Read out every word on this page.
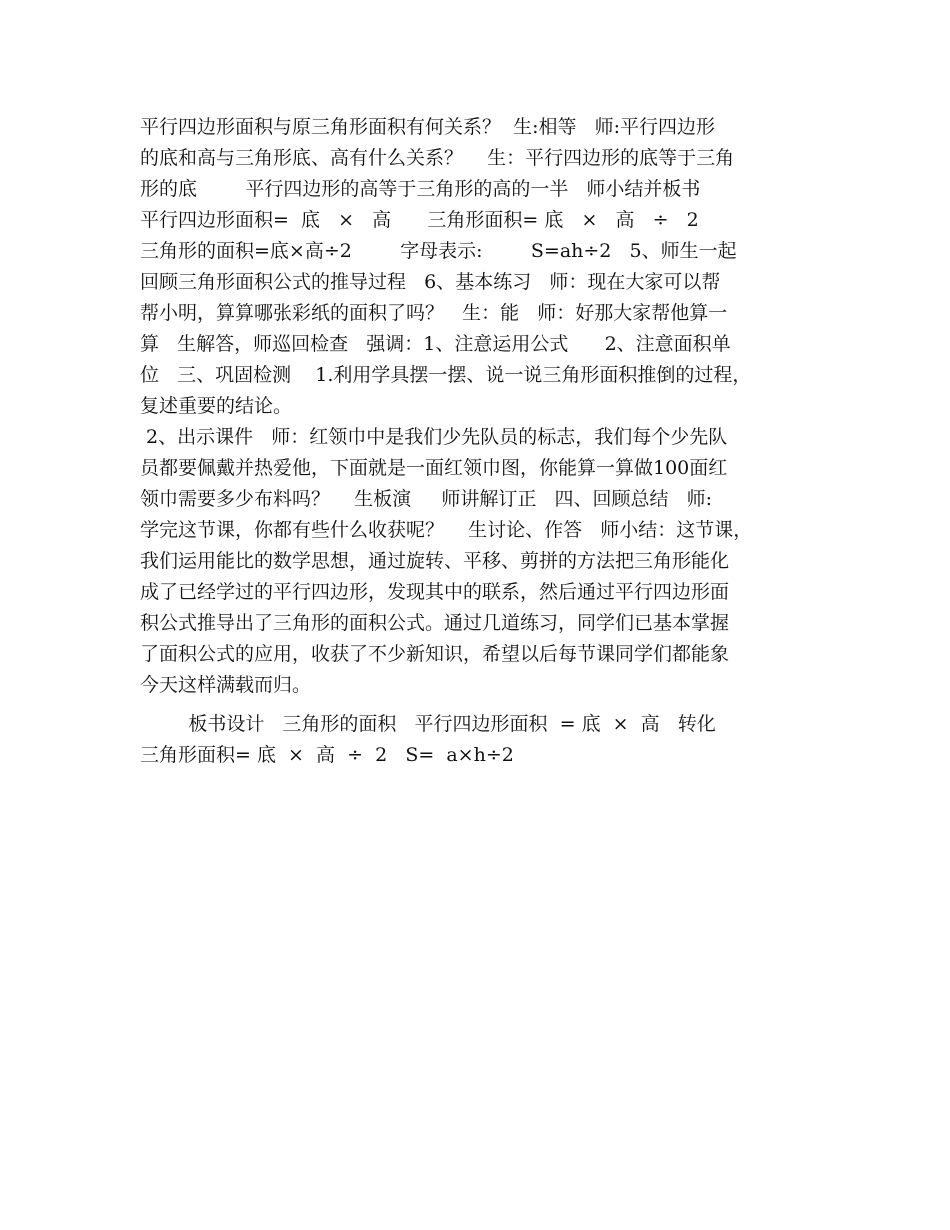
平行四边形面积与原三角形面积有何关系？  生:相等   师:平行四边形
的底和高与三角形底、高有什么关系？    生：平行四边形的底等于三角
形的底        平行四边形的高等于三角形的高的一半   师小结并板书
平行四边形面积=  底   ×   高      三角形面积= 底   ×   高   ÷   2
三角形的面积=底×高÷2        字母表示:        S=ah÷2   5、师生一起
回顾三角形面积公式的推导过程   6、基本练习   师：现在大家可以帮
帮小明，算算哪张彩纸的面积了吗？   生：能   师：好那大家帮他算一
算   生解答，师巡回检查   强调：1、注意运用公式      2、注意面积单
位   三、巩固检测    1.利用学具摆一摆、说一说三角形面积推倒的过程，
复述重要的结论。
2、出示课件   师：红领巾中是我们少先队员的标志，我们每个少先队
员都要佩戴并热爱他，下面就是一面红领巾图，你能算一算做100面红
领巾需要多少布料吗？    生板演     师讲解订正   四、回顾总结   师:
学完这节课，你都有些什么收获呢？    生讨论、作答   师小结：这节课，
我们运用能比的数学思想，通过旋转、平移、剪拼的方法把三角形能化
成了已经学过的平行四边形，发现其中的联系，然后通过平行四边形面
积公式推导出了三角形的面积公式。通过几道练习，同学们已基本掌握
了面积公式的应用，收获了不少新知识，希望以后每节课同学们都能象
今天这样满载而归。
板书设计   三角形的面积   平行四边形面积  = 底  ×  高   转化
三角形面积= 底  ×  高  ÷  2   S=  a×h÷2
